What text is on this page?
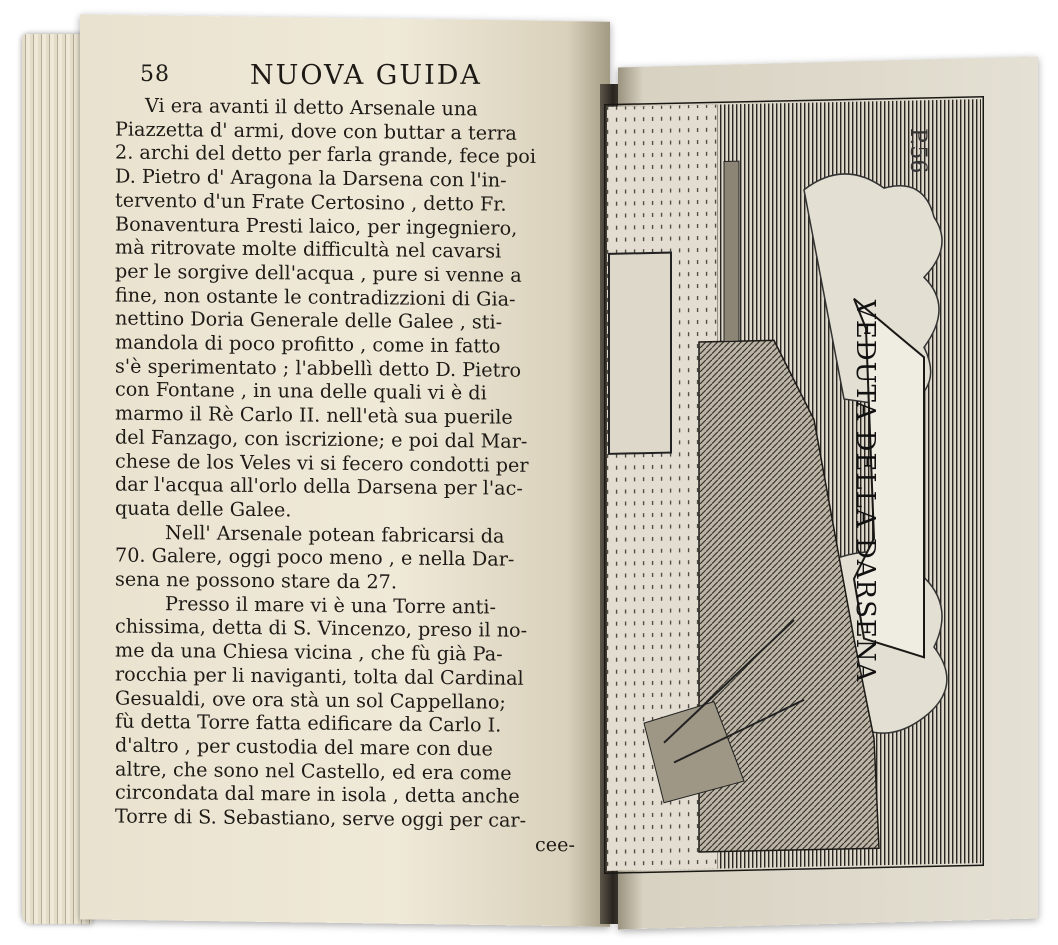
58	NUOVA GUIDA
Vi era avanti il detto Arsenale una
Piazzetta d' armi, dove con buttar a terra
2. archi del detto per farla grande, fece poi
D. Pietro d' Aragona la Darsena con l'in-
tervento d'un Frate Certosino , detto Fr.
Bonaventura Presti laico, per ingegniero,
mà ritrovate molte difficultà nel cavarsi
per le sorgive dell'acqua , pure si venne a
fine, non ostante le contradizzioni di Gia-
nettino Doria Generale delle Galee , sti-
mandola di poco profitto , come in fatto
s'è sperimentato ; l'abbellì detto D. Pietro
con Fontane , in una delle quali vi è di
marmo il Rè Carlo II. nell'età sua puerile
del Fanzago, con iscrizione; e poi dal Mar-
chese de los Veles vi si fecero condotti per
dar l'acqua all'orlo della Darsena per l'ac-
quata delle Galee.
Nell' Arsenale potean fabricarsi da
70. Galere, oggi poco meno , e nella Dar-
sena ne possono stare da 27.
Presso il mare vi è una Torre anti-
chissima, detta di S. Vincenzo, preso il no-
me da una Chiesa vicina , che fù già Pa-
rocchia per li naviganti, tolta dal Cardinal
Gesualdi, ove ora stà un sol Cappellano;
fù detta Torre fatta edificare da Carlo I.
d'altro , per custodia del mare con due
altre, che sono nel Castello, ed era come
circondata dal mare in isola , detta anche
Torre di S. Sebastiano, serve oggi per car-
cee-
P.56
VEDUTA DELLA DARSENA
